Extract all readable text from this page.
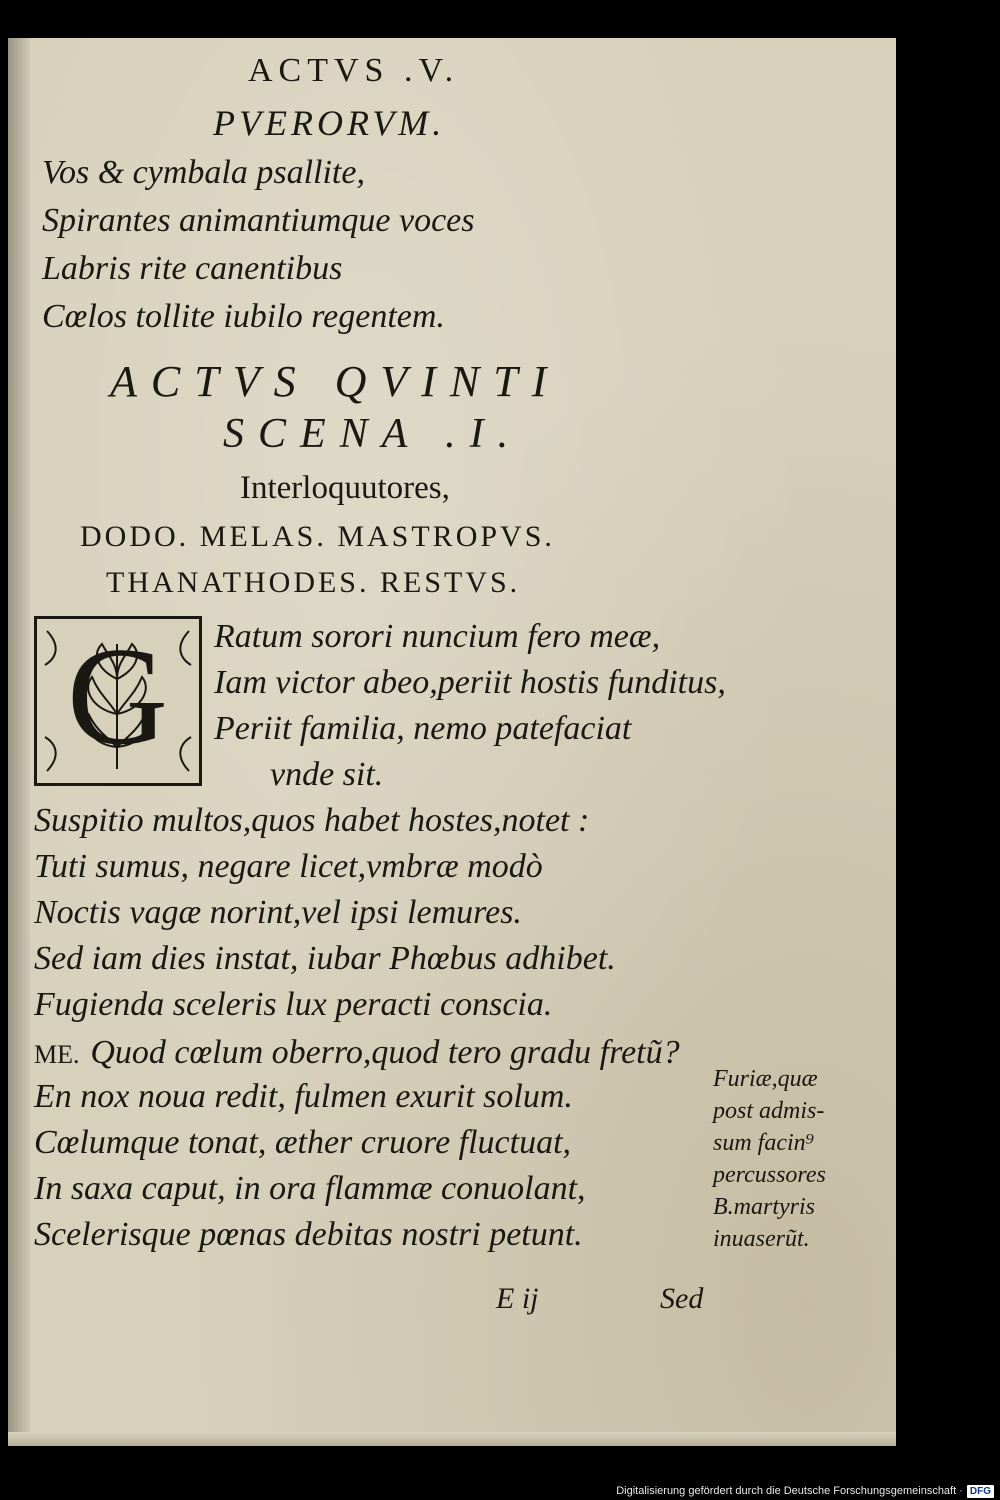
ACTVS .V.
PVERORVM.
Vos & cymbala psallite,
Spirantes animantiumque voces
Labris rite canentibus
Cœlos tollite iubilo regentem.
ACTVS QVINTI
SCENA .I.
Interloquutores,
DODO. MELAS. MASTROPVS.
THANATHODES. RESTVS.
G Ratum sorori nuncium fero meæ,
Iam victor abeo,periit hostis funditus,
Periit familia, nemo patefaciat
vnde sit.
Suspitio multos,quos habet hostes,notet :
Tuti sumus, negare licet,vmbræ modò
Noctis vagæ norint,vel ipsi lemures.
Sed iam dies instat, iubar Phœbus adhibet.
Fugienda sceleris lux peracti conscia.
ME. Quod cœlum oberro,quod tero gradu fretũ?
En nox noua redit, fulmen exurit solum.
Cœlumque tonat, æther cruore fluctuat,
In saxa caput, in ora flammæ conuolant,
Scelerisque pœnas debitas nostri petunt.
Furiæ,quæ
post admis-
sum facin⁹
percussores
B.martyris
inuaserũt.
E ij	Sed
Digitalisierung gefördert durch die Deutsche Forschungsgemeinschaft · DFG
